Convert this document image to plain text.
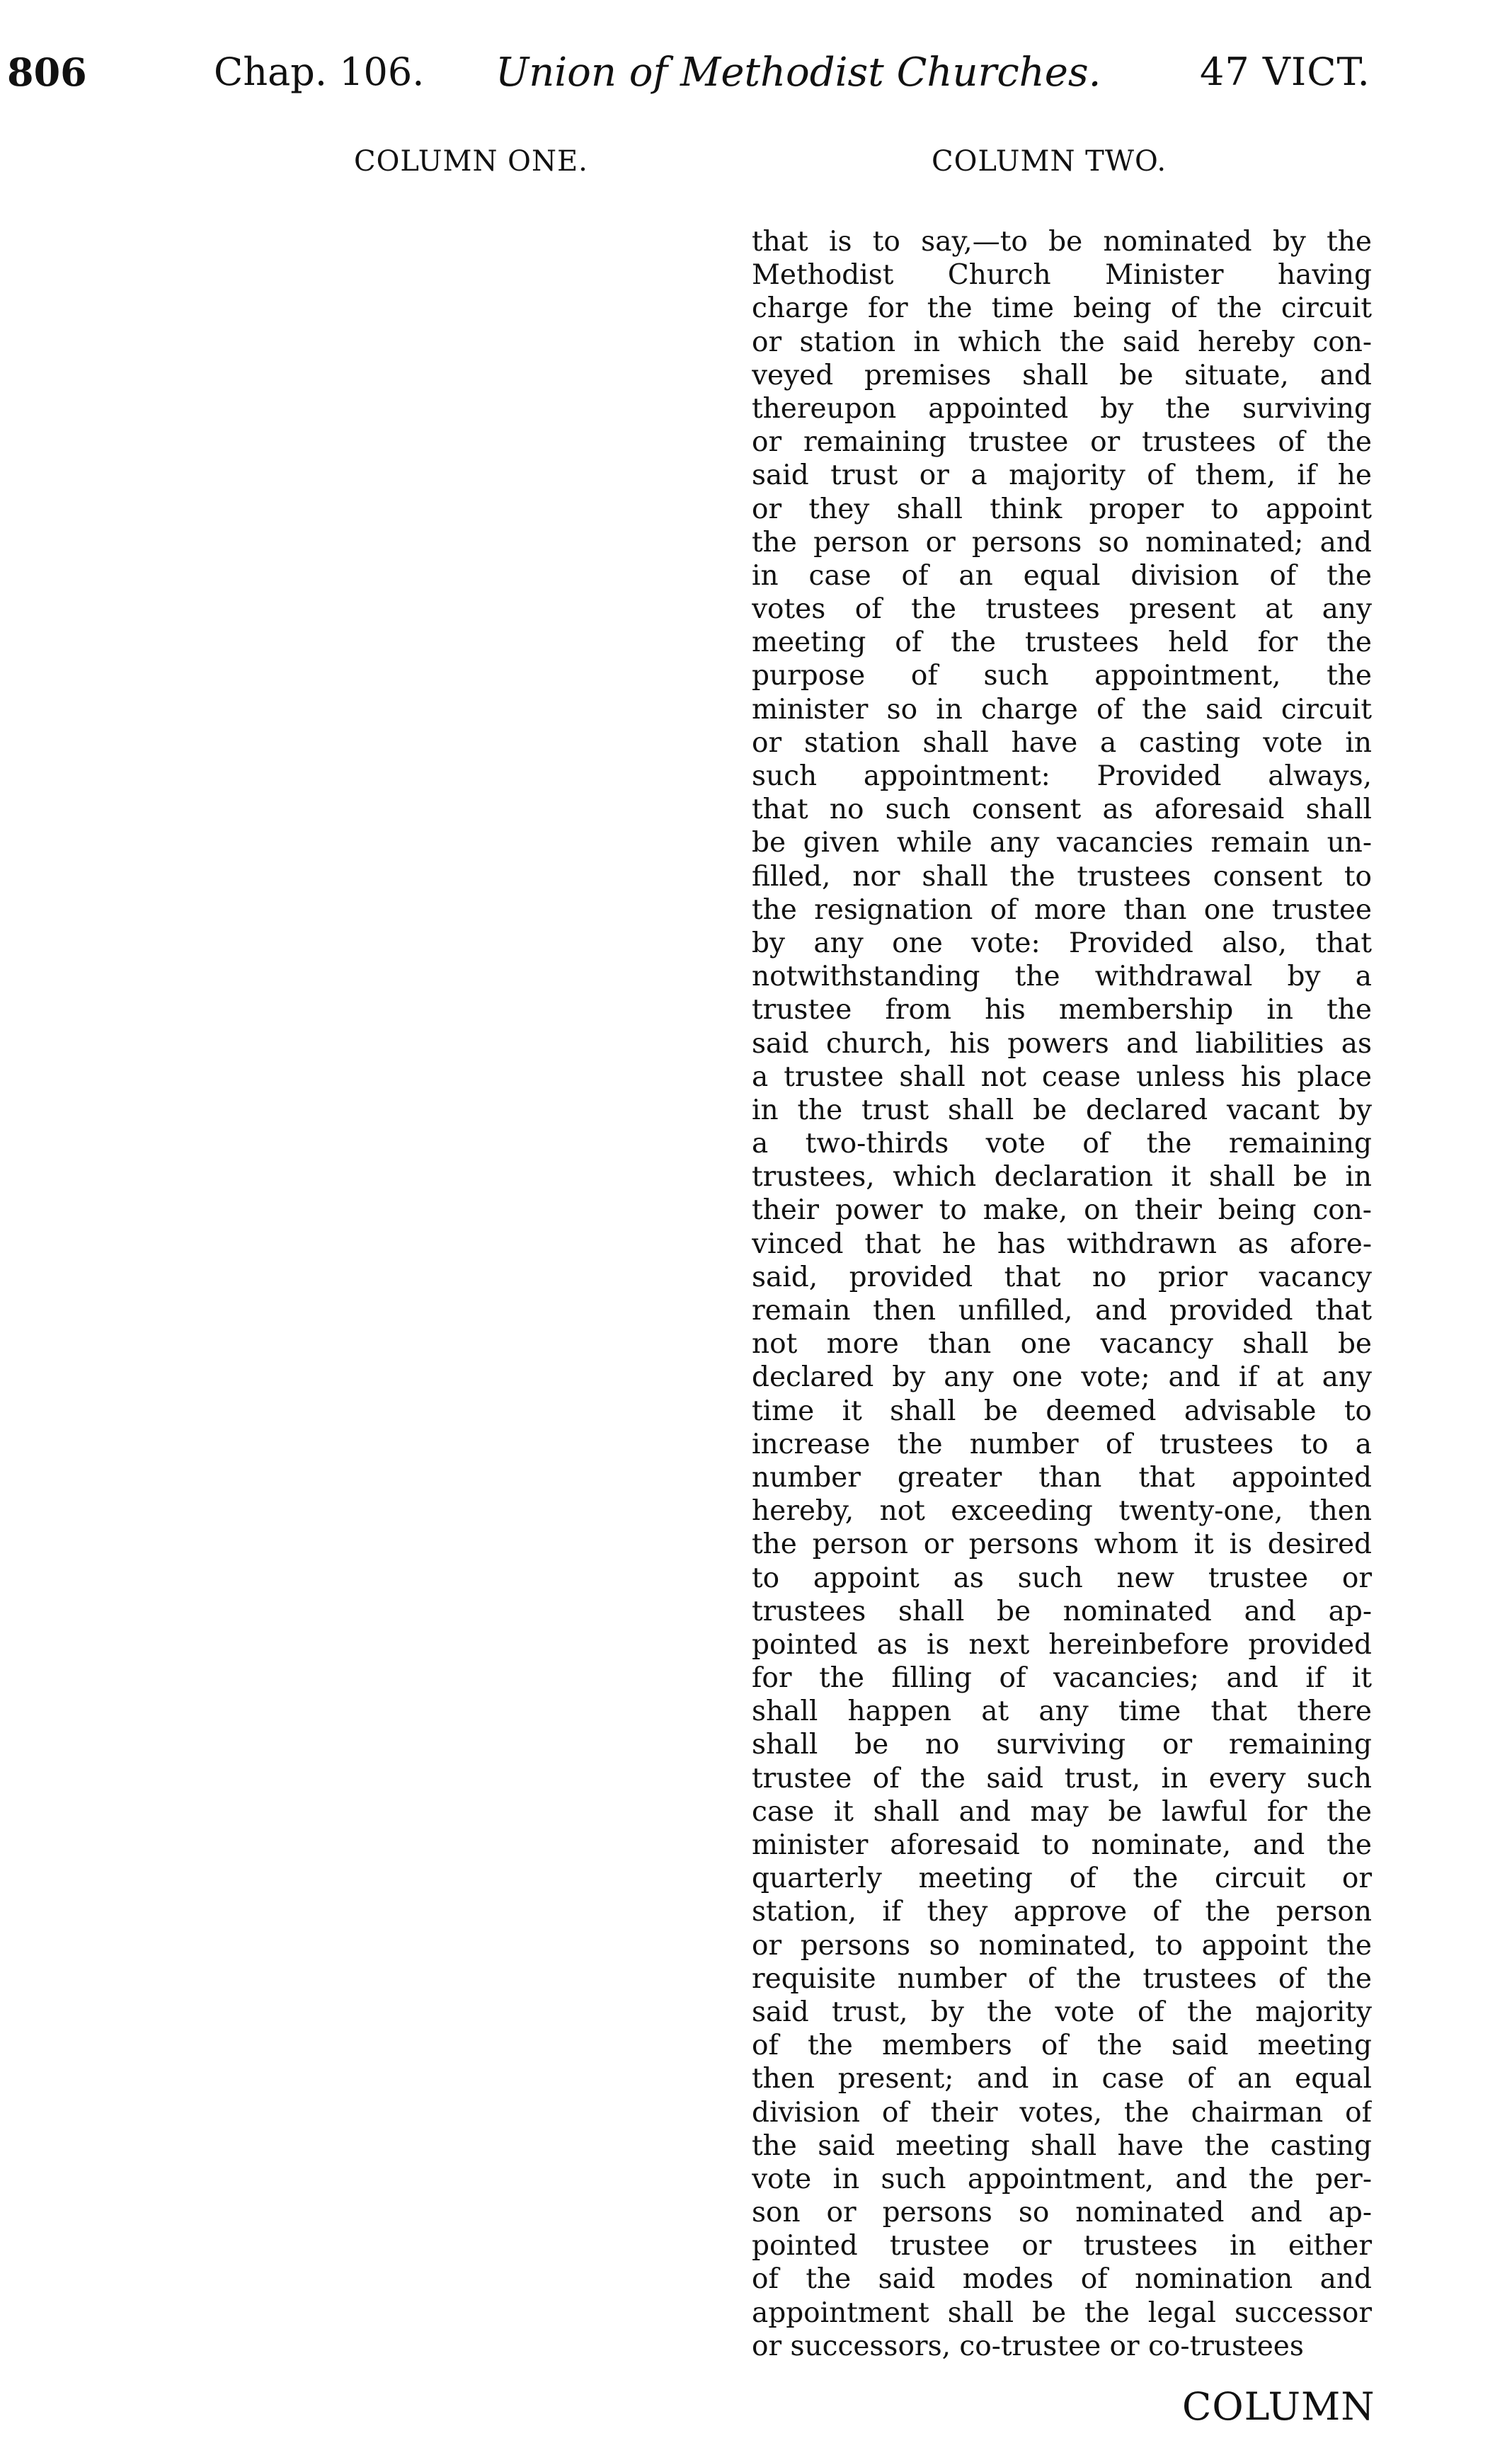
806	Chap. 106. Union of Methodist Churches.	47 VICT.
COLUMN ONE.	COLUMN TWO.
that is to say,—to be nominated by the
Methodist Church Minister having
charge for the time being of the circuit
or station in which the said hereby con-
veyed premises shall be situate, and
thereupon appointed by the surviving
or remaining trustee or trustees of the
said trust or a majority of them, if he
or they shall think proper to appoint
the person or persons so nominated; and
in case of an equal division of the
votes of the trustees present at any
meeting of the trustees held for the
purpose of such appointment, the
minister so in charge of the said circuit
or station shall have a casting vote in
such appointment: Provided always,
that no such consent as aforesaid shall
be given while any vacancies remain un-
filled, nor shall the trustees consent to
the resignation of more than one trustee
by any one vote: Provided also, that
notwithstanding the withdrawal by a
trustee from his membership in the
said church, his powers and liabilities as
a trustee shall not cease unless his place
in the trust shall be declared vacant by
a two-thirds vote of the remaining
trustees, which declaration it shall be in
their power to make, on their being con-
vinced that he has withdrawn as afore-
said, provided that no prior vacancy
remain then unfilled, and provided that
not more than one vacancy shall be
declared by any one vote; and if at any
time it shall be deemed advisable to
increase the number of trustees to a
number greater than that appointed
hereby, not exceeding twenty-one, then
the person or persons whom it is desired
to appoint as such new trustee or
trustees shall be nominated and ap-
pointed as is next hereinbefore provided
for the filling of vacancies; and if it
shall happen at any time that there
shall be no surviving or remaining
trustee of the said trust, in every such
case it shall and may be lawful for the
minister aforesaid to nominate, and the
quarterly meeting of the circuit or
station, if they approve of the person
or persons so nominated, to appoint the
requisite number of the trustees of the
said trust, by the vote of the majority
of the members of the said meeting
then present; and in case of an equal
division of their votes, the chairman of
the said meeting shall have the casting
vote in such appointment, and the per-
son or persons so nominated and ap-
pointed trustee or trustees in either
of the said modes of nomination and
appointment shall be the legal successor
or successors, co-trustee or co-trustees
COLUMN
